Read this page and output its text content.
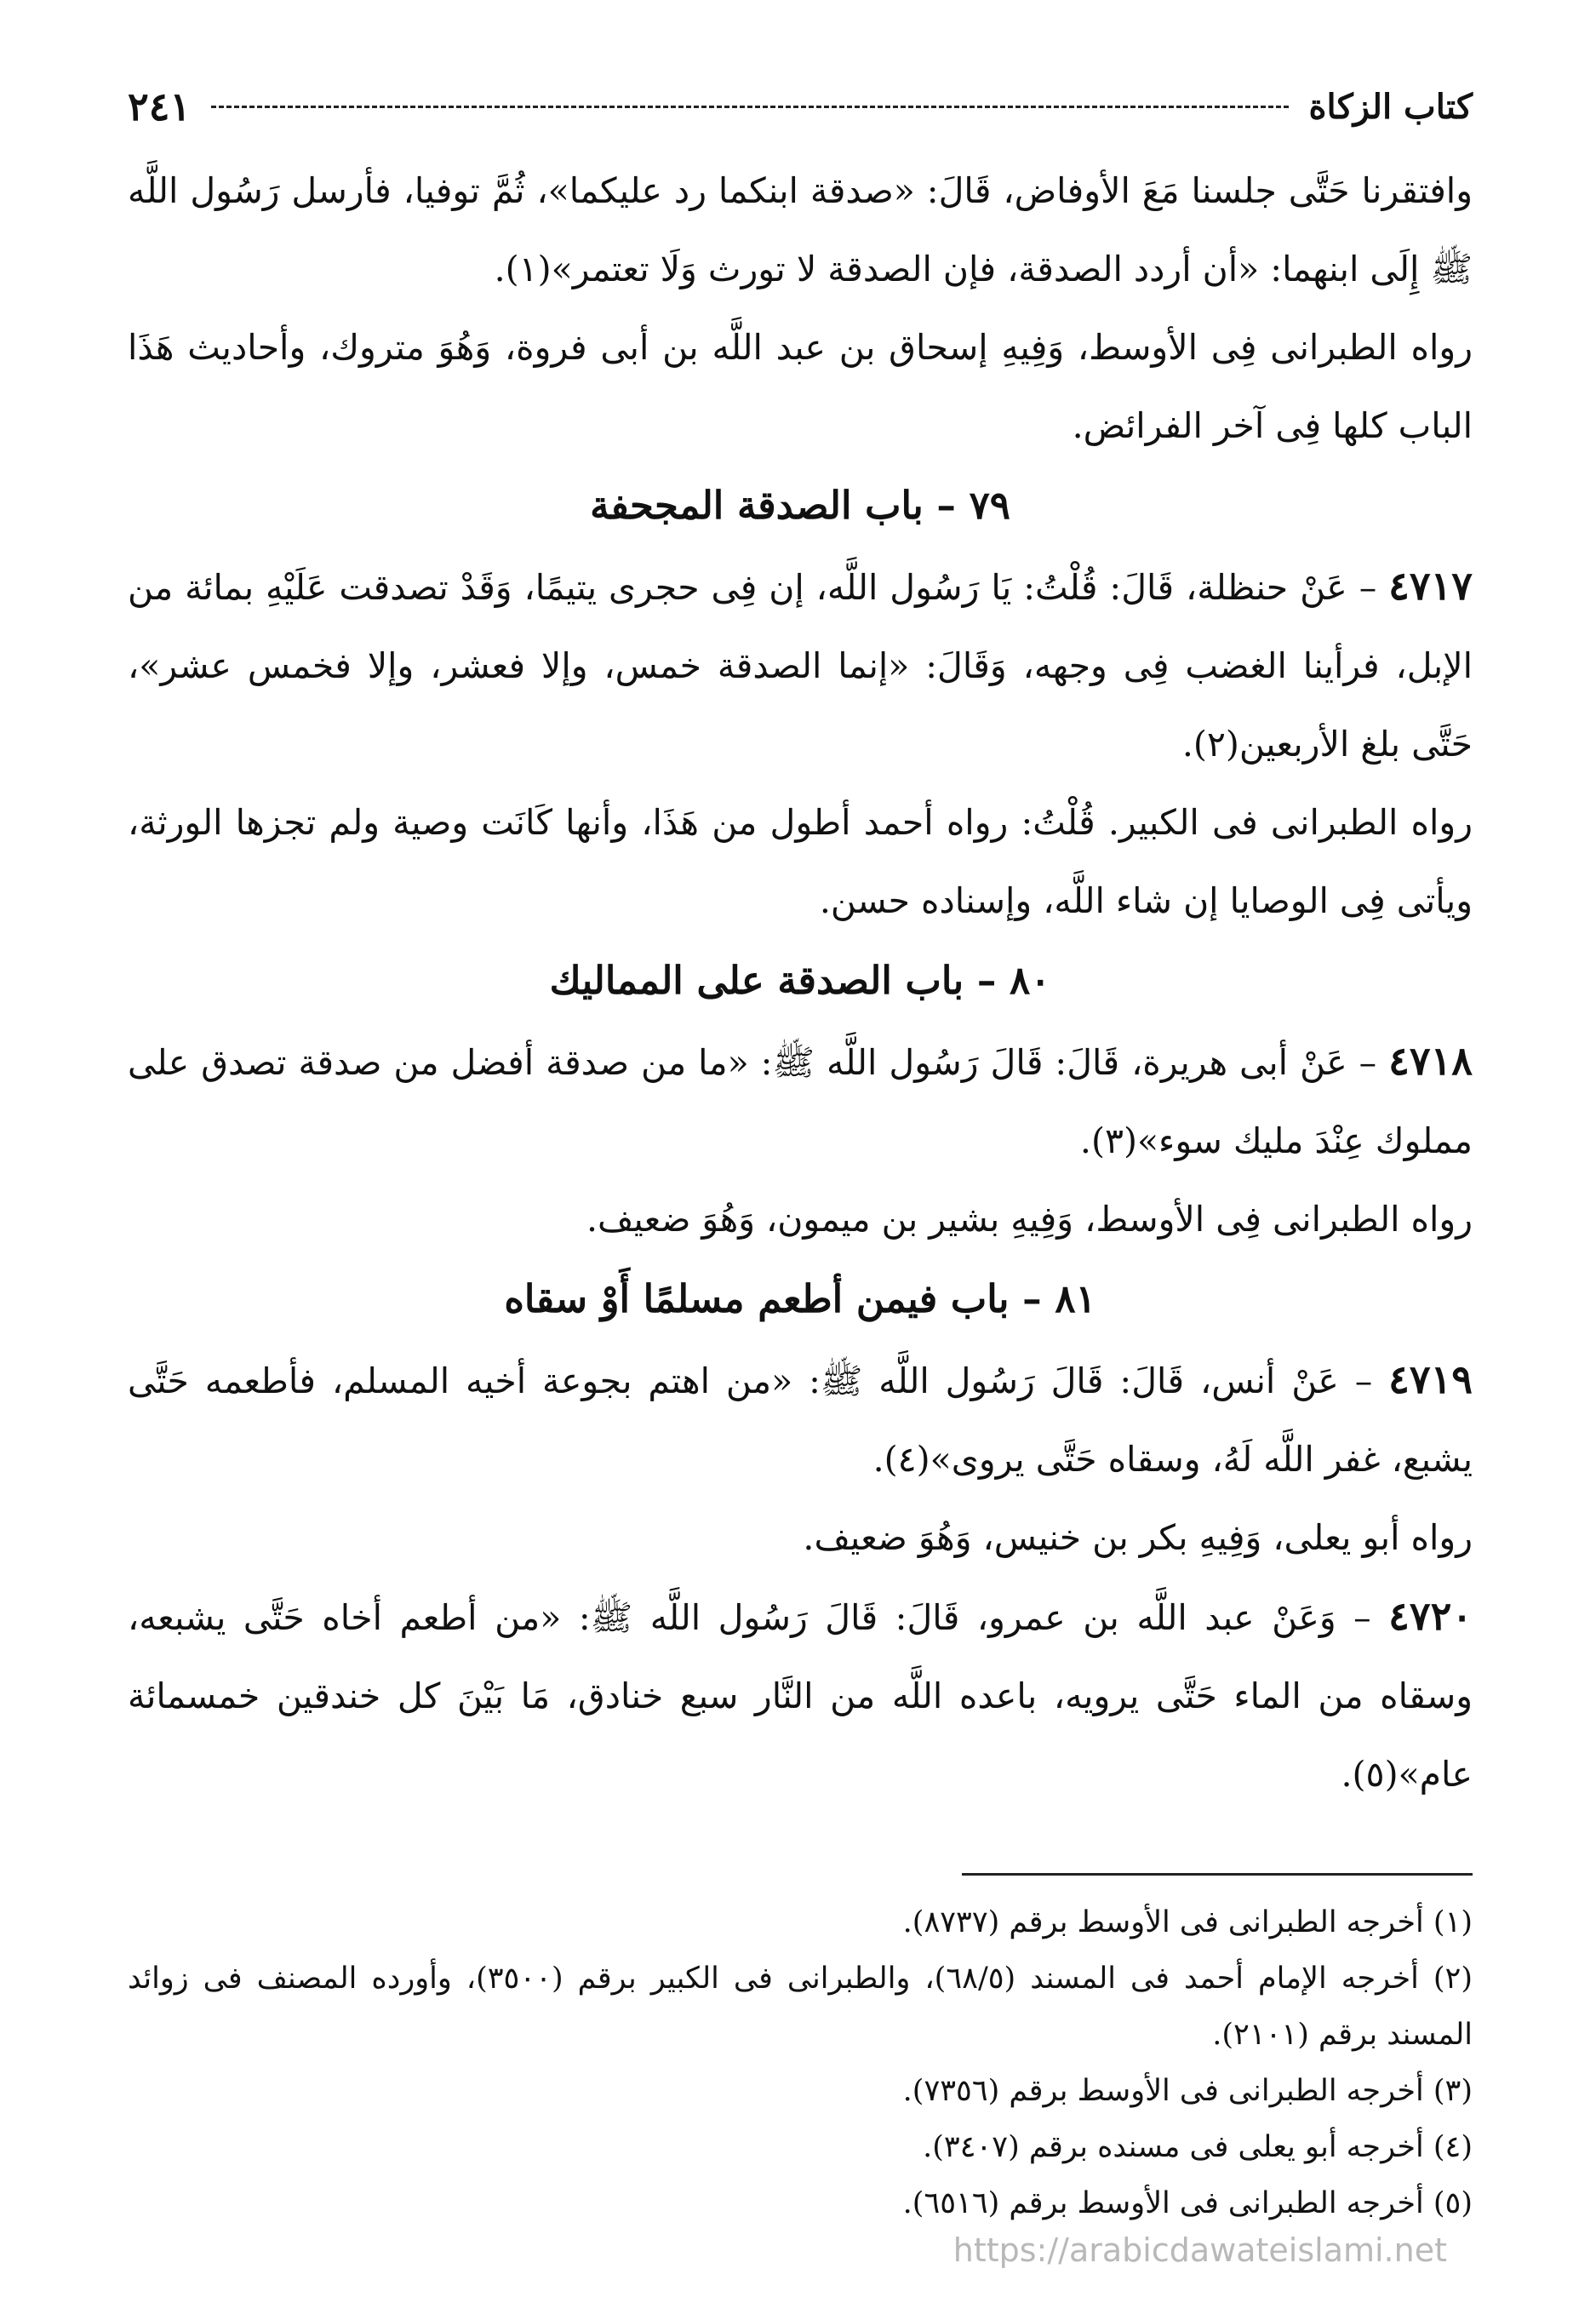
كتاب الزكاة
٢٤١

وافتقرنا حَتَّى جلسنا مَعَ الأوفاض، قَالَ: «صدقة ابنكما رد عليكما»، ثُمَّ توفيا، فأرسل رَسُول اللَّه ﷺ إِلَى ابنهما: «أن أردد الصدقة، فإن الصدقة لا تورث وَلَا تعتمر»(١).

رواه الطبرانى فِى الأوسط، وَفِيهِ إسحاق بن عبد اللَّه بن أبى فروة، وَهُوَ متروك، وأحاديث هَذَا الباب كلها فِى آخر الفرائض.

٧٩ – باب الصدقة المجحفة

٤٧١٧ – عَنْ حنظلة، قَالَ: قُلْتُ: يَا رَسُول اللَّه، إن فِى حجرى يتيمًا، وَقَدْ تصدقت عَلَيْهِ بمائة من الإبل، فرأينا الغضب فِى وجهه، وَقَالَ: «إنما الصدقة خمس، وإلا فعشر، وإلا فخمس عشر»، حَتَّى بلغ الأربعين(٢).

رواه الطبرانى فى الكبير. قُلْتُ: رواه أحمد أطول من هَذَا، وأنها كَانَت وصية ولم تجزها الورثة، ويأتى فِى الوصايا إن شاء اللَّه، وإسناده حسن.

٨٠ – باب الصدقة على المماليك

٤٧١٨ – عَنْ أبى هريرة، قَالَ: قَالَ رَسُول اللَّه ﷺ: «ما من صدقة أفضل من صدقة تصدق على مملوك عِنْدَ مليك سوء»(٣).

رواه الطبرانى فِى الأوسط، وَفِيهِ بشير بن ميمون، وَهُوَ ضعيف.

٨١ – باب فيمن أطعم مسلمًا أَوْ سقاه

٤٧١٩ – عَنْ أنس، قَالَ: قَالَ رَسُول اللَّه ﷺ: «من اهتم بجوعة أخيه المسلم، فأطعمه حَتَّى يشبع، غفر اللَّه لَهُ، وسقاه حَتَّى يروى»(٤).

رواه أبو يعلى، وَفِيهِ بكر بن خنيس، وَهُوَ ضعيف.

٤٧٢٠ – وَعَنْ عبد اللَّه بن عمرو، قَالَ: قَالَ رَسُول اللَّه ﷺ: «من أطعم أخاه حَتَّى يشبعه، وسقاه من الماء حَتَّى يرويه، باعده اللَّه من النَّار سبع خنادق، مَا بَيْنَ كل خندقين خمسمائة عام»(٥).

(١) أخرجه الطبرانى فى الأوسط برقم (٨٧٣٧).

(٢) أخرجه الإمام أحمد فى المسند (٦٨/٥)، والطبرانى فى الكبير برقم (٣٥٠٠)، وأورده المصنف فى زوائد المسند برقم (٢١٠١).

(٣) أخرجه الطبرانى فى الأوسط برقم (٧٣٥٦).

(٤) أخرجه أبو يعلى فى مسنده برقم (٣٤٠٧).

(٥) أخرجه الطبرانى فى الأوسط برقم (٦٥١٦).

https://arabicdawateislami.net
